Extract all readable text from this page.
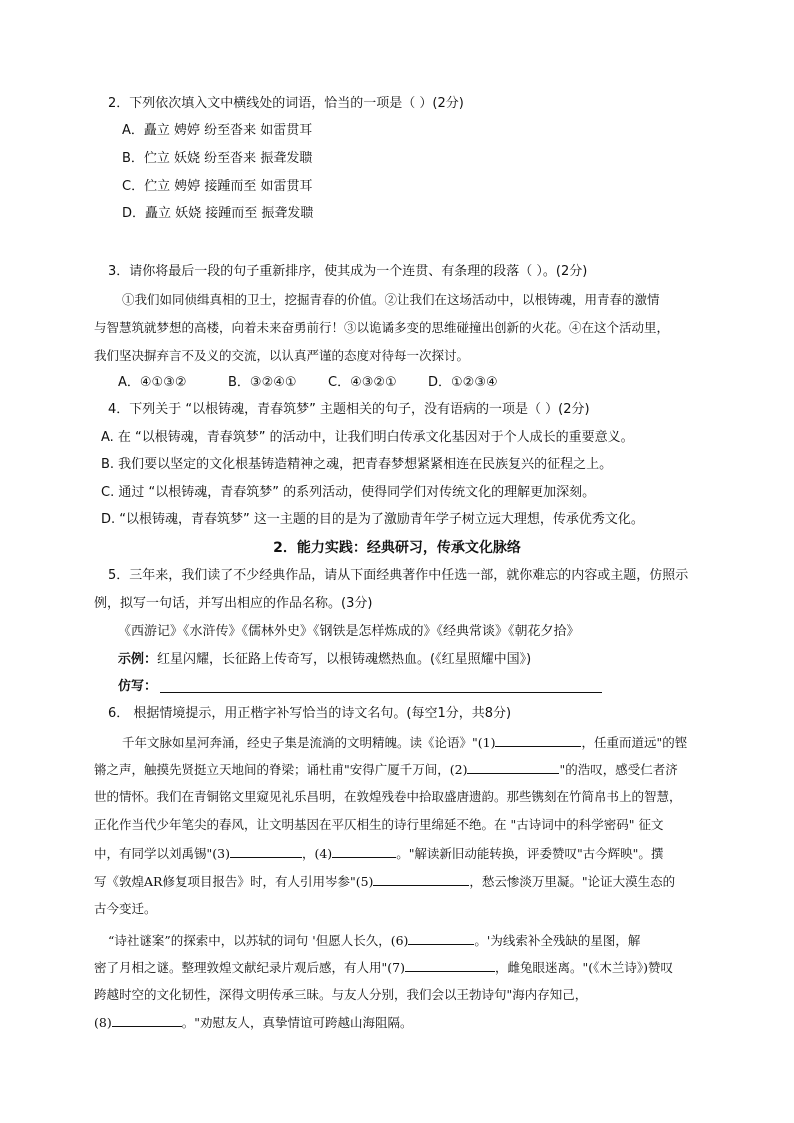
2．下列依次填入文中横线处的词语，恰当的一项是（ ）(2分)
A．矗立 娉婷 纷至沓来 如雷贯耳
B．伫立 妖娆 纷至沓来 振聋发聩
C．伫立 娉婷 接踵而至 如雷贯耳
D．矗立 妖娆 接踵而至 振聋发聩
3．请你将最后一段的句子重新排序，使其成为一个连贯、有条理的段落（ ）。(2分)
①我们如同侦缉真相的卫士，挖掘青春的价值。②让我们在这场活动中，以根铸魂，用青春的激情
与智慧筑就梦想的高楼，向着未来奋勇前行！③以诡谲多变的思维碰撞出创新的火花。④在这个活动里，
我们坚决摒弃言不及义的交流，以认真严谨的态度对待每一次探讨。
A．④①③②	B．③②④① C．④③②① D．①②③④
4．下列关于 “以根铸魂，青春筑梦” 主题相关的句子，没有语病的一项是（ ）(2分)
A. 在 “以根铸魂，青春筑梦” 的活动中，让我们明白传承文化基因对于个人成长的重要意义。
B. 我们要以坚定的文化根基铸造精神之魂，把青春梦想紧紧相连在民族复兴的征程之上。
C. 通过 “以根铸魂，青春筑梦” 的系列活动，使得同学们对传统文化的理解更加深刻。
D. “以根铸魂，青春筑梦” 这一主题的目的是为了激励青年学子树立远大理想，传承优秀文化。
2．能力实践：经典研习，传承文化脉络
5．三年来，我们读了不少经典作品，请从下面经典著作中任选一部，就你难忘的内容或主题，仿照示
例，拟写一句话，并写出相应的作品名称。(3分)
《西游记》《水浒传》《儒林外史》《钢铁是怎样炼成的》《经典常谈》《朝花夕拾》
示例：红星闪耀，长征路上传奇写，以根铸魂燃热血。(《红星照耀中国》)
仿写：
6． 根据情境提示，用正楷字补写恰当的诗文名句。(每空1分，共8分)
千年文脉如星河奔涌，经史子集是流淌的文明精魄。读《论语》"(1)	，任重而道远"的铿
锵之声，触摸先贤挺立天地间的脊梁；诵杜甫"安得广厦千万间，(2)	"的浩叹，感受仁者济
世的情怀。我们在青铜铭文里窥见礼乐昌明，在敦煌残卷中拾取盛唐遗韵。那些镌刻在竹简帛书上的智慧，
正化作当代少年笔尖的春风，让文明基因在平仄相生的诗行里绵延不绝。在 "古诗词中的科学密码" 征文
中，有同学以刘禹锡"(3)	，(4)	。"解读新旧动能转换，评委赞叹"古今辉映"。撰
写《敦煌AR修复项目报告》时，有人引用岑参"(5)	，愁云惨淡万里凝。"论证大漠生态的
古今变迁。
“诗社谜案”的探索中，以苏轼的词句 '但愿人长久，(6)	。'为线索补全残缺的星图，解
密了月相之谜。整理敦煌文献纪录片观后感，有人用"(7)	，雌兔眼迷离。"(《木兰诗》)赞叹
跨越时空的文化韧性，深得文明传承三昧。与友人分别，我们会以王勃诗句"海内存知己，
(8)	。"劝慰友人，真挚情谊可跨越山海阻隔。
